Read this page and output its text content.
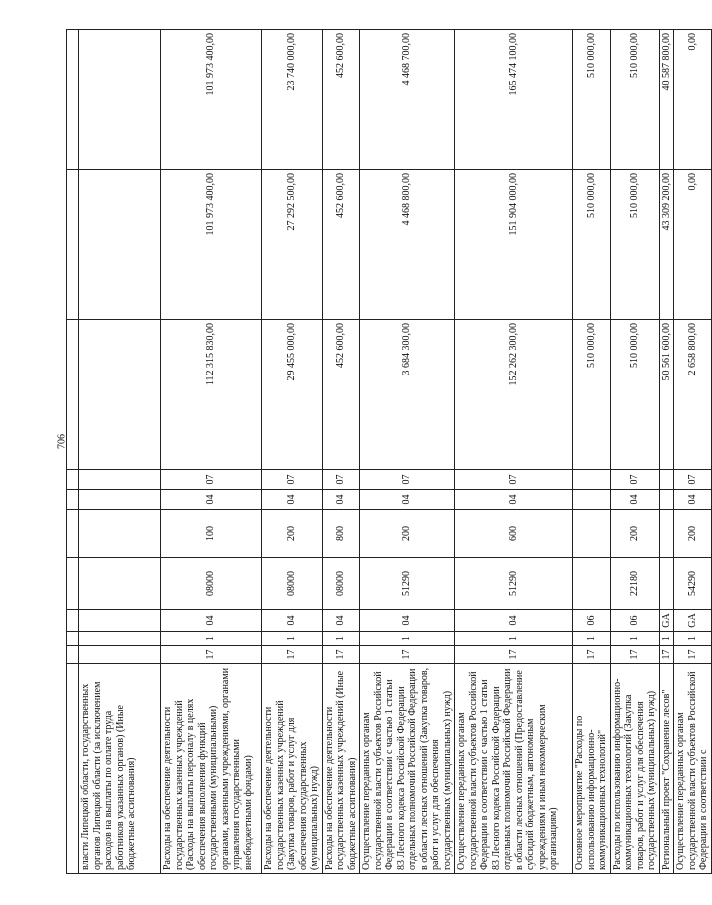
706

власти Липецкой области, государственных органов Липецкой области (за исключением расходов на выплаты по оплате труда работников указанных органов) (Иные бюджетные ассигнования)										
Расходы на обеспечение деятельности государственных казенных учреждений (Расходы на выплаты персоналу в целях обеспечения выполнения функций государственными (муниципальными) органами, казенными учреждениями, органами управления государственными внебюджетными фондами)	17	1	04	08000	100	04	07	112 315 830,00	101 973 400,00	101 973 400,00
Расходы на обеспечение деятельности государственных казенных учреждений (Закупка товаров, работ и услуг для обеспечения государственных (муниципальных) нужд)	17	1	04	08000	200	04	07	29 455 000,00	27 292 500,00	23 740 000,00
Расходы на обеспечение деятельности государственных казенных учреждений (Иные бюджетные ассигнования)	17	1	04	08000	800	04	07	452 600,00	452 600,00	452 600,00
Осуществление переданных органам государственной власти субъектов Российской Федерации в соответствии с частью 1 статьи 83 Лесного кодекса Российской Федерации отдельных полномочий Российской Федерации в области лесных отношений (Закупка товаров, работ и услуг для обеспечения государственных (муниципальных) нужд)	17	1	04	51290	200	04	07	3 684 300,00	4 468 800,00	4 468 700,00
Осуществление переданных органам государственной власти субъектов Российской Федерации в соответствии с частью 1 статьи 83 Лесного кодекса Российской Федерации отдельных полномочий Российской Федерации в области лесных отношений (Предоставление субсидий бюджетным, автономным учреждениям и иным некоммерческим организациям)	17	1	04	51290	600	04	07	152 262 300,00	151 904 000,00	165 474 100,00
Основное мероприятие "Расходы по использованию информационно-коммуникационных технологий"	17	1	06					510 000,00	510 000,00	510 000,00
Расходы по использованию информационно-коммуникационных технологий (Закупка товаров, работ и услуг для обеспечения государственных (муниципальных) нужд)	17	1	06	22180	200	04	07	510 000,00	510 000,00	510 000,00
Региональный проект "Сохранение лесов"	17	1	GA					50 561 600,00	43 309 200,00	40 587 800,00
Осуществление переданных органам государственной власти субъектов Российской Федерации в соответствии с	17	1	GA	54290	200	04	07	2 658 800,00	0,00	0,00
